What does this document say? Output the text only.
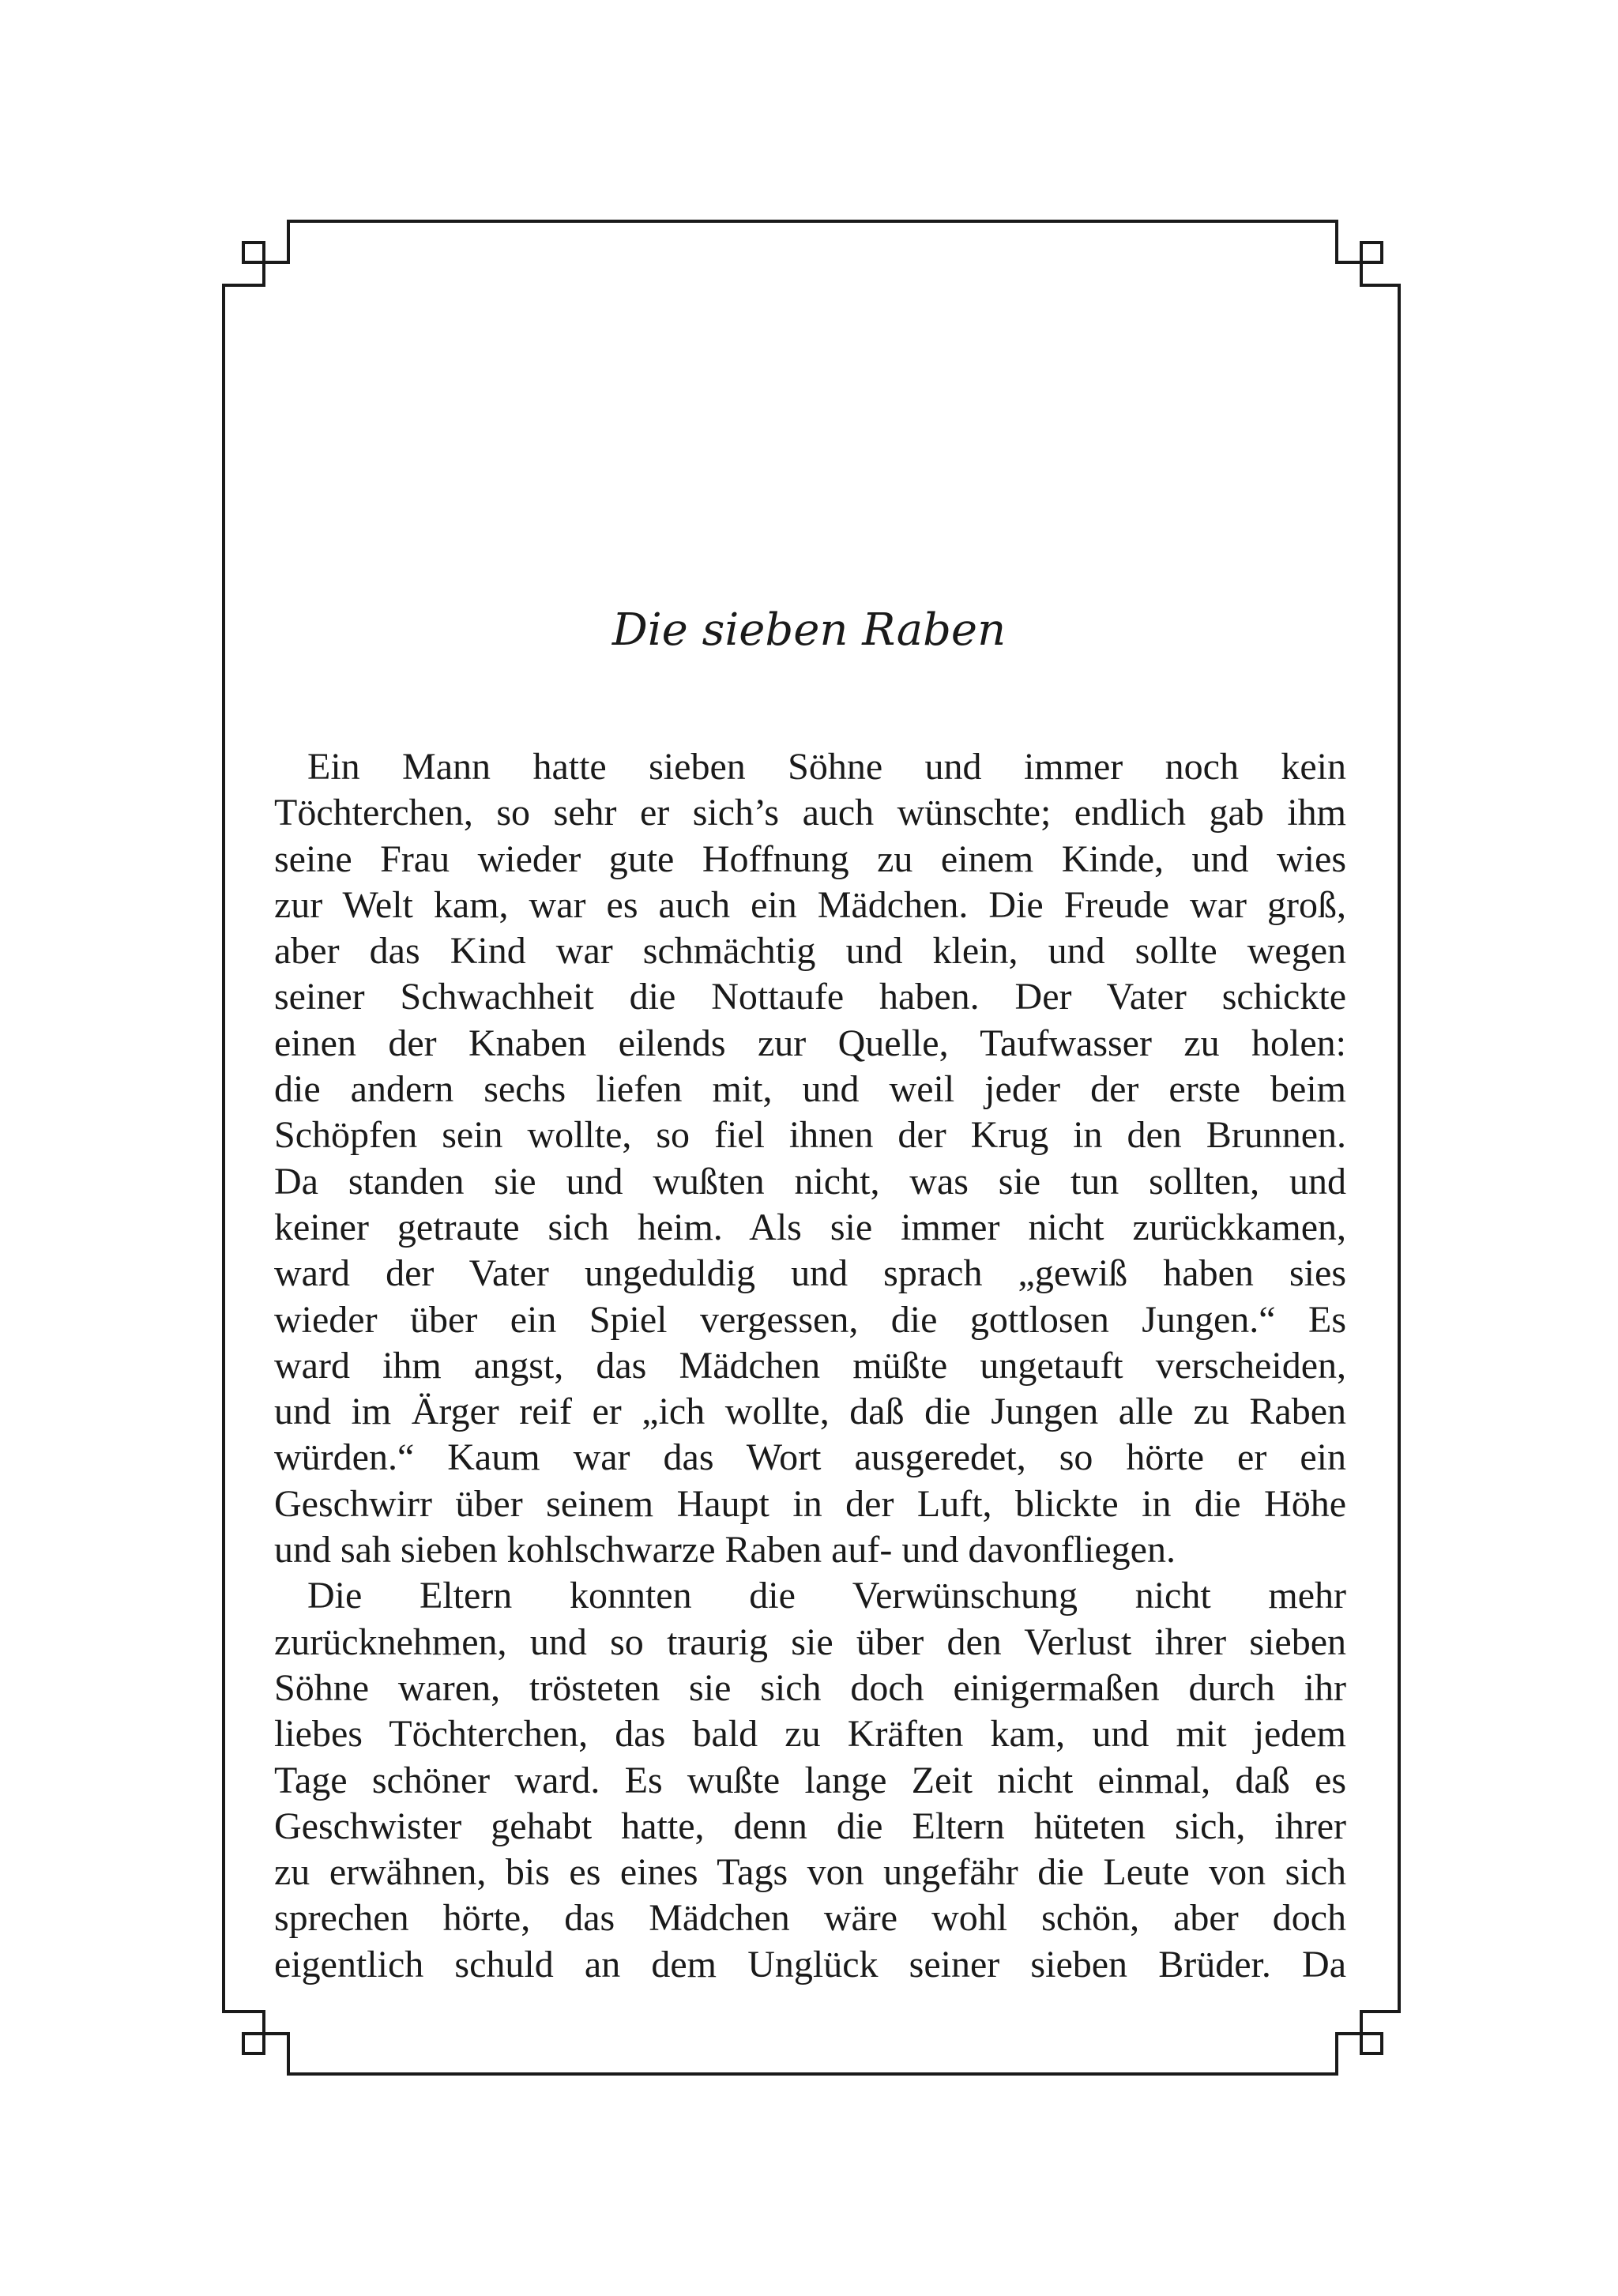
Die sieben Raben
Ein Mann hatte sieben Söhne und immer noch kein
Töchterchen, so sehr er sich’s auch wünschte; endlich gab ihm
seine Frau wieder gute Hoffnung zu einem Kinde, und wies
zur Welt kam, war es auch ein Mädchen. Die Freude war groß,
aber das Kind war schmächtig und klein, und sollte wegen
seiner Schwachheit die Nottaufe haben. Der Vater schickte
einen der Knaben eilends zur Quelle, Taufwasser zu holen:
die andern sechs liefen mit, und weil jeder der erste beim
Schöpfen sein wollte, so fiel ihnen der Krug in den Brunnen.
Da standen sie und wußten nicht, was sie tun sollten, und
keiner getraute sich heim. Als sie immer nicht zurückkamen,
ward der Vater ungeduldig und sprach „gewiß haben sies
wieder über ein Spiel vergessen, die gottlosen Jungen.“ Es
ward ihm angst, das Mädchen müßte ungetauft verscheiden,
und im Ärger reif er „ich wollte, daß die Jungen alle zu Raben
würden.“ Kaum war das Wort ausgeredet, so hörte er ein
Geschwirr über seinem Haupt in der Luft, blickte in die Höhe
und sah sieben kohlschwarze Raben auf- und davonfliegen.
Die Eltern konnten die Verwünschung nicht mehr
zurücknehmen, und so traurig sie über den Verlust ihrer sieben
Söhne waren, trösteten sie sich doch einigermaßen durch ihr
liebes Töchterchen, das bald zu Kräften kam, und mit jedem
Tage schöner ward. Es wußte lange Zeit nicht einmal, daß es
Geschwister gehabt hatte, denn die Eltern hüteten sich, ihrer
zu erwähnen, bis es eines Tags von ungefähr die Leute von sich
sprechen hörte, das Mädchen wäre wohl schön, aber doch
eigentlich schuld an dem Unglück seiner sieben Brüder. Da
